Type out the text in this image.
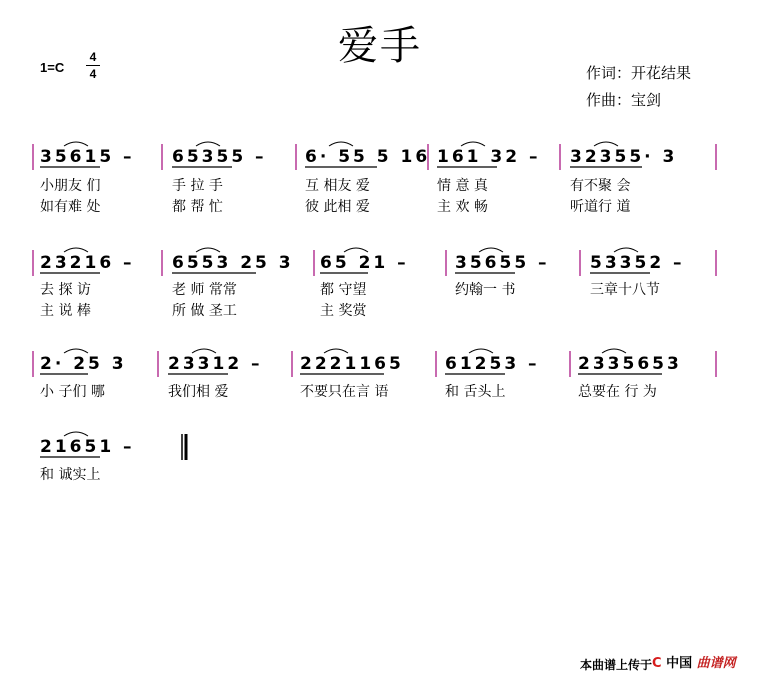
爱手
1=C
4
4	作词：开花结果
作曲：宝剑
35615 – 65355 – 6· 55 5 16 161 32 – 32355· 3
23216 – 6553 25 3 65 21 –	35655 – 53352 –
2· 25 3 23312 – 2221165 61253 – 2335653
21651 –
小朋友 们	手 拉 手	互 相友 爱	情 意 真	有不聚 会
如有难 处	都 帮 忙	彼 此相 爱	主 欢 畅	听道行 道
去 探 访	老 师 常常	都 守望	约翰一 书	三章十八节
主 说 棒	所 做 圣工	主 奖赏
小 子们 哪	我们相 爱	不要只在言 语	和 舌头上	总要在 行 为
和 诚实上
本曲谱上传于 C 中国 曲谱网
